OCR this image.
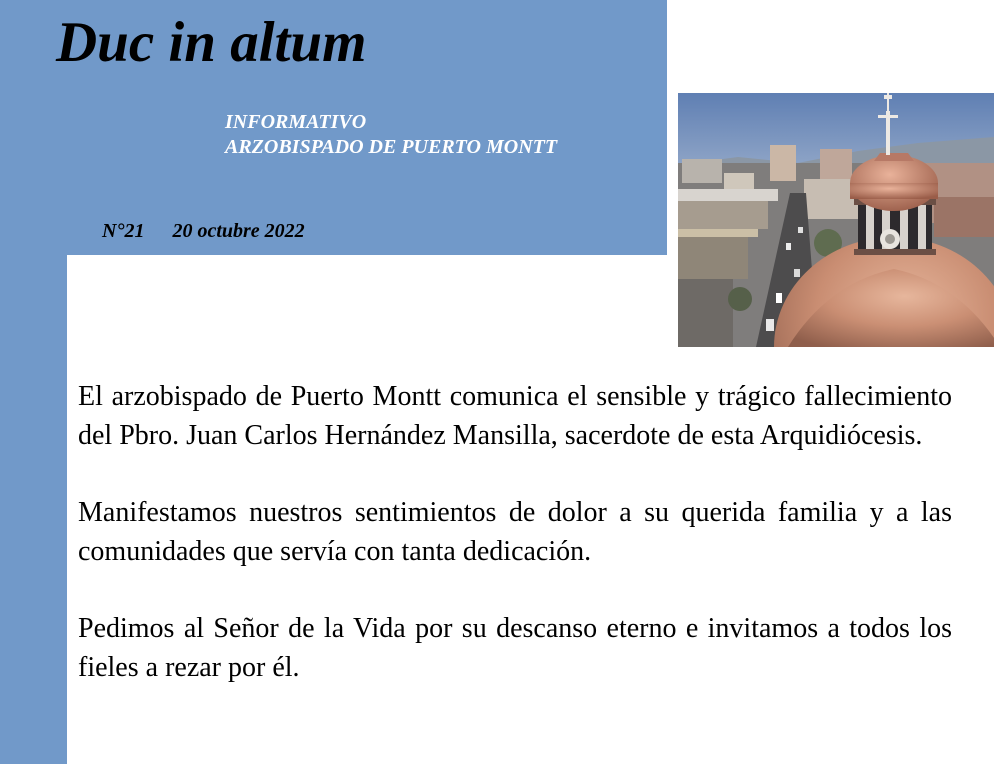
Duc in altum
INFORMATIVO
ARZOBISPADO DE PUERTO MONTT
N°21 20 octubre 2022

El arzobispado de Puerto Montt comunica el sensible y trágico fallecimiento del Pbro. Juan Carlos Hernández Mansilla, sacerdote de esta Arquidiócesis.

Manifestamos nuestros sentimientos de dolor a su querida familia y a las comunidades que servía con tanta dedicación.

Pedimos al Señor de la Vida por su descanso eterno e invitamos a todos los fieles a rezar por él.
